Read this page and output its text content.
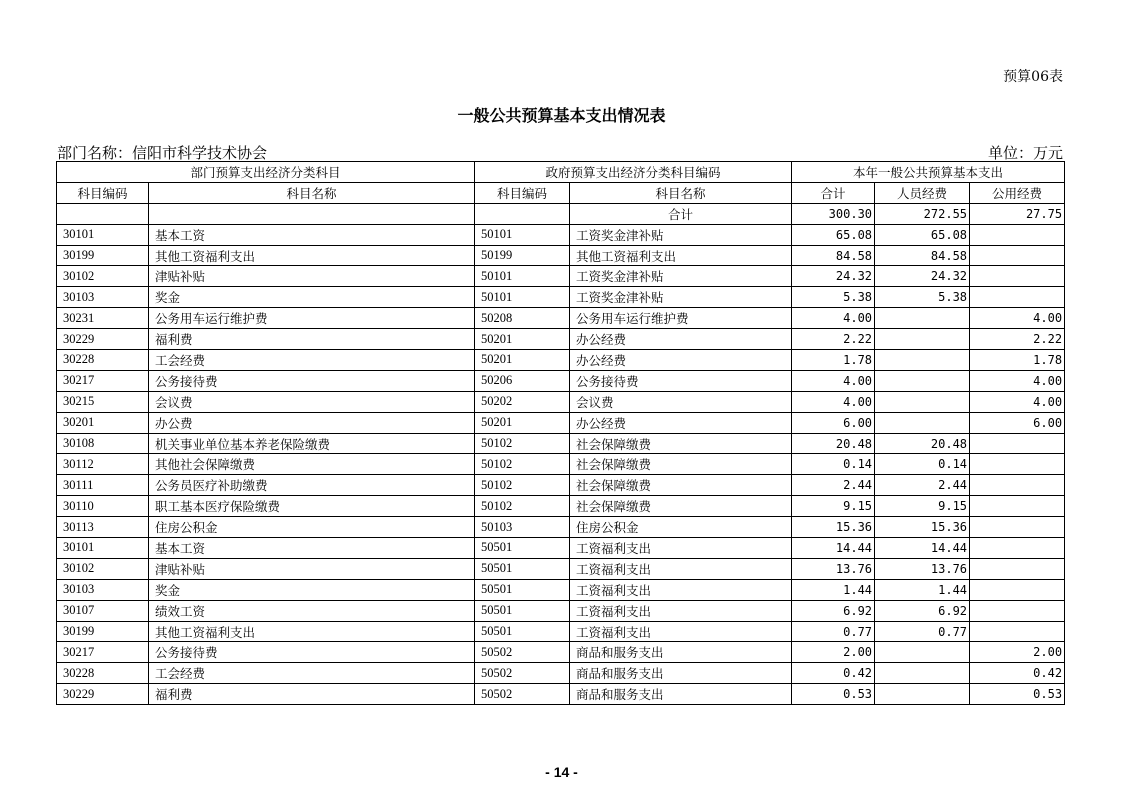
预算06表
一般公共预算基本支出情况表
部门名称：信阳市科学技术协会	单位：万元
部门预算支出经济分类科目		政府预算支出经济分类科目编码		本年一般公共预算基本支出		
科目编码	科目名称	科目编码	科目名称	合计	人员经费	公用经费
			合计	300.30	272.55	27.75
30101	基本工资	50101	工资奖金津补贴	65.08	65.08	
30199	其他工资福利支出	50199	其他工资福利支出	84.58	84.58	
30102	津贴补贴	50101	工资奖金津补贴	24.32	24.32	
30103	奖金	50101	工资奖金津补贴	5.38	5.38	
30231	公务用车运行维护费	50208	公务用车运行维护费	4.00		4.00
30229	福利费	50201	办公经费	2.22		2.22
30228	工会经费	50201	办公经费	1.78		1.78
30217	公务接待费	50206	公务接待费	4.00		4.00
30215	会议费	50202	会议费	4.00		4.00
30201	办公费	50201	办公经费	6.00		6.00
30108	机关事业单位基本养老保险缴费	50102	社会保障缴费	20.48	20.48	
30112	其他社会保障缴费	50102	社会保障缴费	0.14	0.14	
30111	公务员医疗补助缴费	50102	社会保障缴费	2.44	2.44	
30110	职工基本医疗保险缴费	50102	社会保障缴费	9.15	9.15	
30113	住房公积金	50103	住房公积金	15.36	15.36	
30101	基本工资	50501	工资福利支出	14.44	14.44	
30102	津贴补贴	50501	工资福利支出	13.76	13.76	
30103	奖金	50501	工资福利支出	1.44	1.44	
30107	绩效工资	50501	工资福利支出	6.92	6.92	
30199	其他工资福利支出	50501	工资福利支出	0.77	0.77	
30217	公务接待费	50502	商品和服务支出	2.00		2.00
30228	工会经费	50502	商品和服务支出	0.42		0.42
30229	福利费	50502	商品和服务支出	0.53		0.53
- 14 -
